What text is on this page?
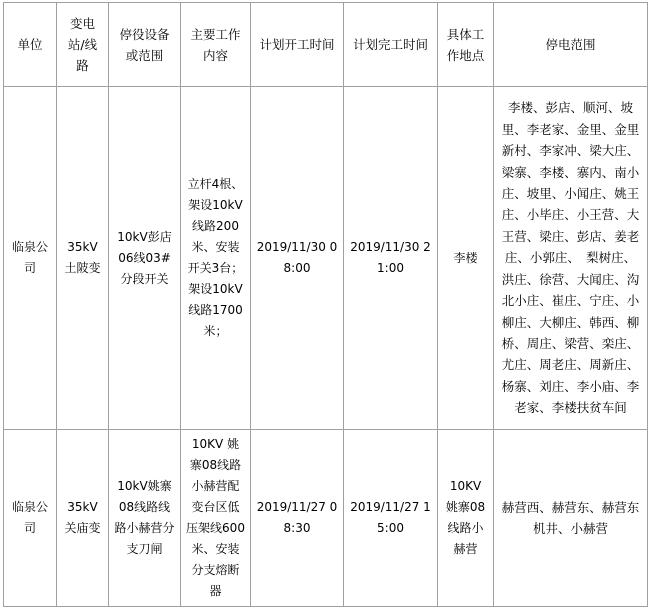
单位	变电站/线路	停役设备或范围	主要工作内容	计划开工时间	计划完工时间	具体工作地点	停电范围
临泉公司	35kV土陂变	10kV彭店06线03#分段开关	立杆4根、架设10kV线路200米、安装开关3台；架设10kV线路1700米；	2019/11/30 08:00	2019/11/30 21:00	李楼	李楼、彭店、顺河、坡里、李老家、金里、金里新村、李家冲、梁大庄、梁寨、李楼、寨内、南小庄、坡里、小闻庄、姚王庄、小毕庄、小王营、大王营、梁庄、彭店、姜老庄、小郭庄、　梨树庄、洪庄、徐营、大闻庄、沟北小庄、崔庄、宁庄、小柳庄、大柳庄、韩西、柳桥、周庄、梁营、栾庄、尤庄、周老庄、周新庄、杨寨、刘庄、李小庙、李老家、李楼扶贫车间
临泉公司	35kV关庙变	10kV姚寨08线路线路小赫营分支刀闸	10KV 姚寨08线路小赫营配变台区低压架线600米、安装分支熔断器	2019/11/27 08:30	2019/11/27 15:00	10KV 姚寨08线路小赫营	赫营西、赫营东、赫营东机井、小赫营
